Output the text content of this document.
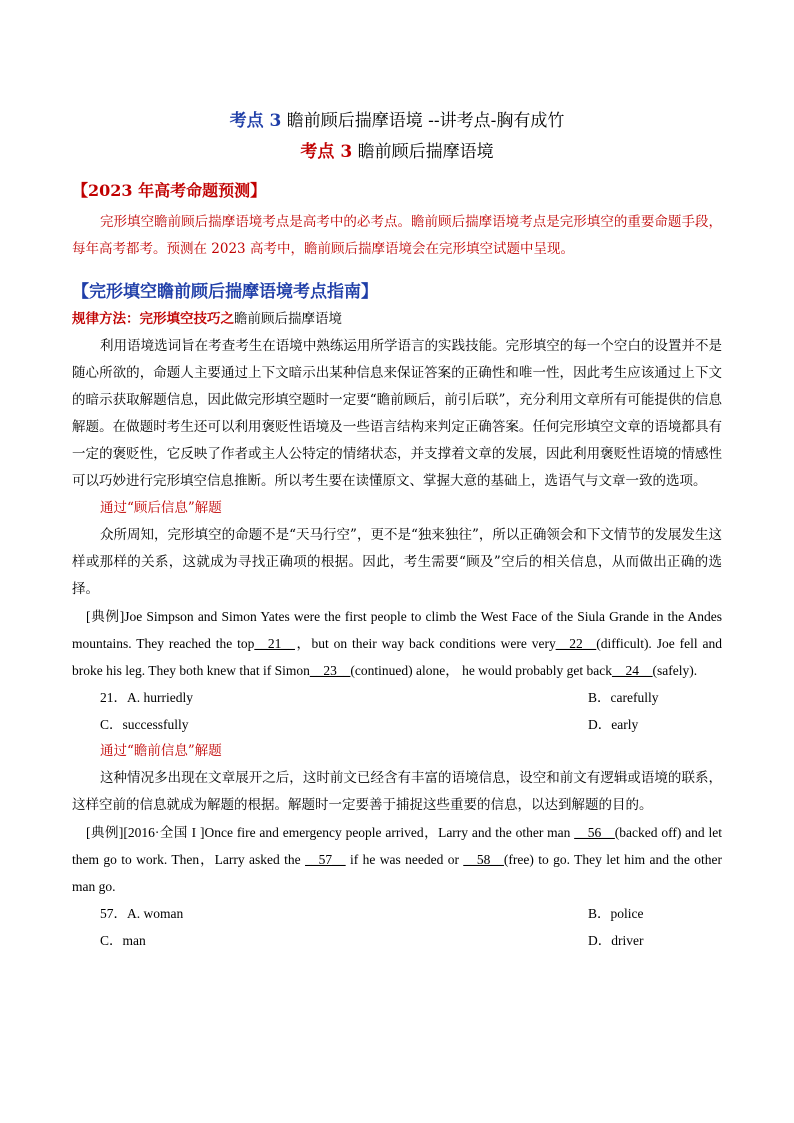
考点 3 瞻前顾后揣摩语境 --讲考点-胸有成竹
考点 3 瞻前顾后揣摩语境
【2023 年高考命题预测】

完形填空瞻前顾后揣摩语境考点是高考中的必考点。瞻前顾后揣摩语境考点是完形填空的重要命题手段，每年高考都考。预测在 2023 高考中，瞻前顾后揣摩语境会在完形填空试题中呈现。

【完形填空瞻前顾后揣摩语境考点指南】

规律方法：完形填空技巧之瞻前顾后揣摩语境

利用语境选词旨在考查考生在语境中熟练运用所学语言的实践技能。完形填空的每一个空白的设置并不是随心所欲的，命题人主要通过上下文暗示出某种信息来保证答案的正确性和唯一性，因此考生应该通过上下文的暗示获取解题信息，因此做完形填空题时一定要“瞻前顾后，前引后联”，充分利用文章所有可能提供的信息解题。在做题时考生还可以利用褒贬性语境及一些语言结构来判定正确答案。任何完形填空文章的语境都具有一定的褒贬性，它反映了作者或主人公特定的情绪状态，并支撑着文章的发展，因此利用褒贬性语境的情感性可以巧妙进行完形填空信息推断。所以考生要在读懂原文、掌握大意的基础上，选语气与文章一致的选项。

通过“顾后信息”解题

众所周知，完形填空的命题不是“天马行空”，更不是“独来独往”，所以正确领会和下文情节的发展发生这样或那样的关系，这就成为寻找正确项的根据。因此，考生需要“顾及”空后的相关信息，从而做出正确的选择。

[典例]Joe Simpson and Simon Yates were the first people to climb the West Face of the Siula Grande in the Andes mountains. They reached the top__21__，but on their way back conditions were very__22__(difficult). Joe fell and broke his leg. They both knew that if Simon__23__(continued) alone， he would probably get back__24__(safely).

21．A. hurriedly	B．carefully
C．successfully	D．early

通过“瞻前信息”解题

这种情况多出现在文章展开之后，这时前文已经含有丰富的语境信息，设空和前文有逻辑或语境的联系，这样空前的信息就成为解题的根据。解题时一定要善于捕捉这些重要的信息，以达到解题的目的。

[典例][2016·全国 I ]Once fire and emergency people arrived，Larry and the other man __56__(backed off) and let them go to work. Then，Larry asked the __57__ if he was needed or __58__(free) to go. They let him and the other man go.

57．A. woman	B．police
C．man	D．driver
